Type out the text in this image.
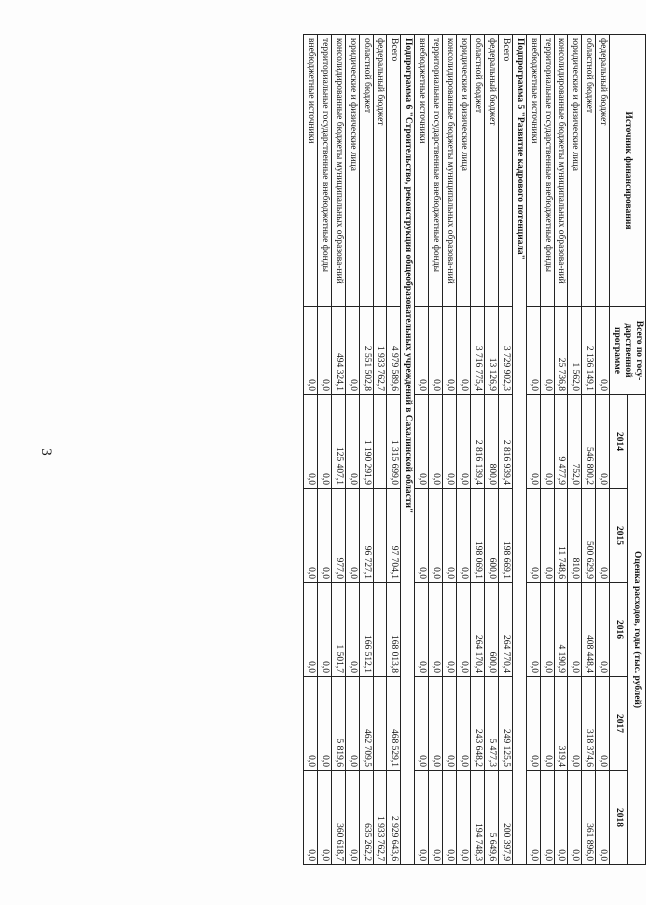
3
Источник финансирования	Всего по госу-дарственной программе	Оценка расходов, годы (тыс. рублей)				
		2014	2015	2016	2017	2018
федеральный бюджет	0,0	0,0	0,0	0,0	0,0	0,0
областной бюджет	2 136 149,1	546 800,2	500 629,9	408 448,4	318 374,6	361 896,0
юридические и физические лица	1 562,0	752,0	810,0	0,0	0,0	0,0
консолидированные бюджеты муниципальных образова-ний	25 736,8	9 477,9	11 748,6	4 190,9	319,4	0,0
территориальные государственные внебюджетные фонды	0,0	0,0	0,0	0,0	0,0	0,0
внебюджетные источники	0,0	0,0	0,0	0,0	0,0	0,0
Подпрограмма 5 "Развитие кадрового потенциала"						
Всего	3 729 902,3	2 816 939,4	198 669,1	264 770,4	249 125,5	200 397,9
федеральный бюджет	13 126,9	800,0	600,0	600,0	5 477,3	5 649,6
областной бюджет	3 716 775,4	2 816 139,4	198 069,1	264 170,4	243 648,2	194 748,3
юридические и физические лица	0,0	0,0	0,0	0,0	0,0	0,0
консолидированные бюджеты муниципальных образова-ний	0,0	0,0	0,0	0,0	0,0	0,0
территориальные государственные внебюджетные фонды	0,0	0,0	0,0	0,0	0,0	0,0
внебюджетные источники	0,0	0,0	0,0	0,0	0,0	0,0
Подпрограмма 6 "Строительство, реконструкция общеобразовательных учреждений в Сахалинской области"						
Всего	4 979 589,6	1 315 699,0	97 704,1	168 013,8	468 529,1	2 929 643,6
федеральный бюджет	1 933 762,7					1 933 762,7
областной бюджет	2 551 502,8	1 190 291,9	96 727,1	166 512,1	462 709,5	635 262,2
юридические и физические лица	0,0	0,0	0,0	0,0	0,0	0,0
консолидированные бюджеты муниципальных образова-ний	494 324,1	125 407,1	977,0	1 501,7	5 819,6	360 618,7
территориальные государственные внебюджетные фонды	0,0	0,0	0,0	0,0	0,0	0,0
внебюджетные источники	0,0	0,0	0,0	0,0	0,0	0,0
